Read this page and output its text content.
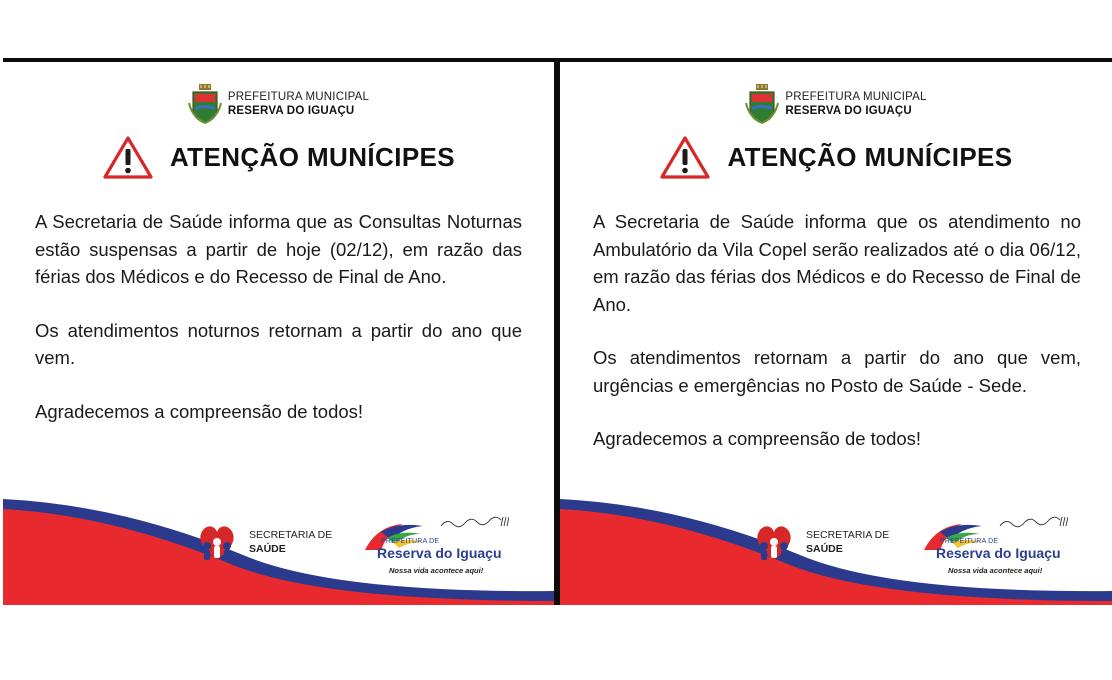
PREFEITURA MUNICIPAL
RESERVA DO IGUAÇU
ATENÇÃO MUNÍCIPES

A Secretaria de Saúde informa que as Consultas Noturnas estão suspensas a partir de hoje (02/12), em razão das férias dos Médicos e do Recesso de Final de Ano.

Os atendimentos noturnos retornam a partir do ano que vem.

Agradecemos a compreensão de todos!

SECRETARIA DE
SAÚDE
PREFEITURA DE
Reserva do Iguaçu
Nossa vida acontece aqui!
PREFEITURA MUNICIPAL
RESERVA DO IGUAÇU
ATENÇÃO MUNÍCIPES

A Secretaria de Saúde informa que os atendimento no Ambulatório da Vila Copel serão realizados até o dia 06/12, em razão das férias dos Médicos e do Recesso de Final de Ano.

Os atendimentos retornam a partir do ano que vem, urgências e emergências no Posto de Saúde - Sede.

Agradecemos a compreensão de todos!

SECRETARIA DE
SAÚDE
PREFEITURA DE
Reserva do Iguaçu
Nossa vida acontece aqui!
